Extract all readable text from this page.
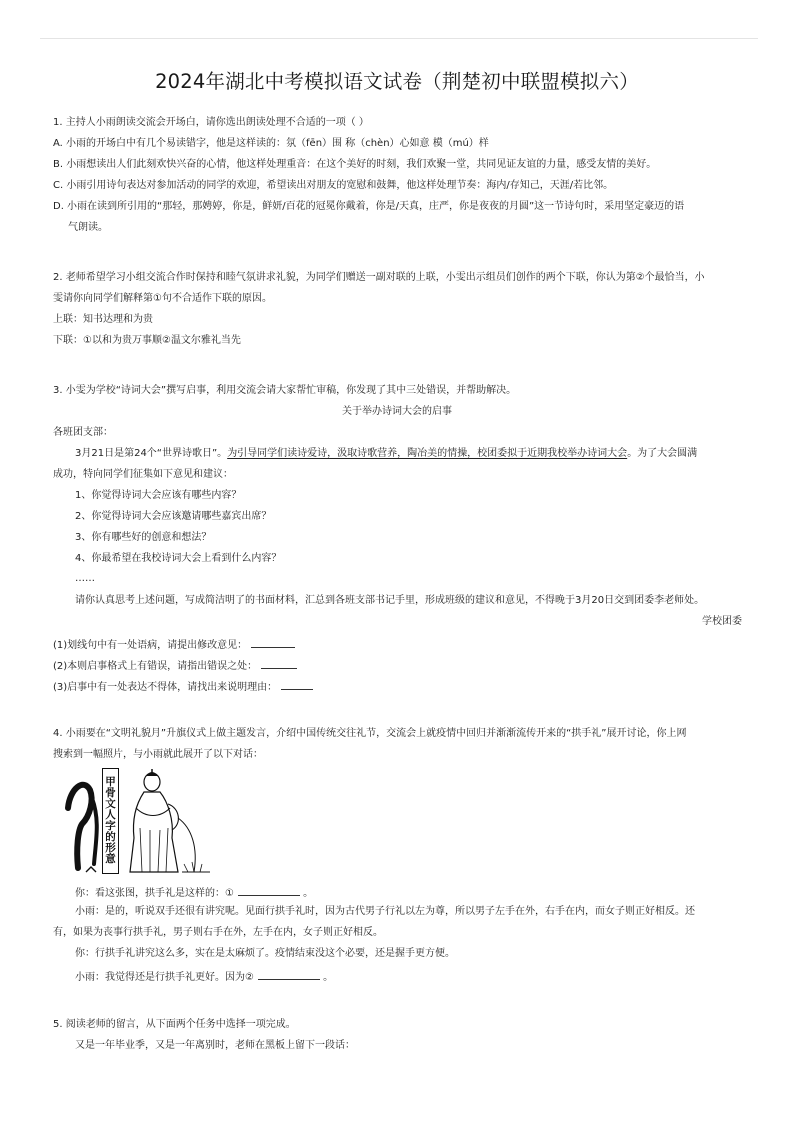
2024年湖北中考模拟语文试卷（荆楚初中联盟模拟六）
1. 主持人小雨朗读交流会开场白，请你选出朗读处理不合适的一项（ ）
A. 小雨的开场白中有几个易读错字，他是这样读的：氛（fēn）围 称（chèn）心如意 模（mú）样
B. 小雨想读出人们此刻欢快兴奋的心情，他这样处理重音：在这个美好的时刻，我们欢聚一堂，共同见证友谊的力量，感受友情的美好。
C. 小雨引用诗句表达对参加活动的同学的欢迎，希望读出对朋友的宽慰和鼓舞，他这样处理节奏：海内/存知己，天涯/若比邻。
D. 小雨在读到所引用的“那轻，那娉婷，你是，鲜妍/百花的冠冕你戴着，你是/天真，庄严，你是夜夜的月圆”这一节诗句时，采用坚定豪迈的语
气朗读。
2. 老师希望学习小组交流合作时保持和睦气氛讲求礼貌，为同学们赠送一副对联的上联，小雯出示组员们创作的两个下联，你认为第②个最恰当，小
雯请你向同学们解释第①句不合适作下联的原因。
上联：知书达理和为贵
下联：①以和为贵万事顺②温文尔雅礼当先
3. 小雯为学校“诗词大会”撰写启事，利用交流会请大家帮忙审稿，你发现了其中三处错误，并帮助解决。
关于举办诗词大会的启事
各班团支部：
3月21日是第24个“世界诗歌日”。为引导同学们读诗爱诗，汲取诗歌营养，陶冶美的情操，校团委拟于近期我校举办诗词大会。为了大会圆满
成功，特向同学们征集如下意见和建议：
1、你觉得诗词大会应该有哪些内容？
2、你觉得诗词大会应该邀请哪些嘉宾出席？
3、你有哪些好的创意和想法？
4、你最希望在我校诗词大会上看到什么内容？
……
请你认真思考上述问题，写成简洁明了的书面材料，汇总到各班支部书记手里，形成班级的建议和意见，不得晚于3月20日交到团委李老师处。
学校团委
(1)划线句中有一处语病，请提出修改意见：
(2)本则启事格式上有错误，请指出错误之处：
(3)启事中有一处表达不得体，请找出来说明理由：
4. 小雨要在“文明礼貌月”升旗仪式上做主题发言，介绍中国传统交往礼节，交流会上就疫情中回归并渐渐流传开来的“拱手礼”展开讨论，你上网
搜索到一幅照片，与小雨就此展开了以下对话：
甲
骨
文
人
字
的
形
意
你：看这张图，拱手礼是这样的：①	。
小雨：是的，听说双手还很有讲究呢。见面行拱手礼时，因为古代男子行礼以左为尊，所以男子左手在外，右手在内，而女子则正好相反。还
有，如果为丧事行拱手礼，男子则右手在外，左手在内，女子则正好相反。
你：行拱手礼讲究这么多，实在是太麻烦了。疫情结束没这个必要，还是握手更方便。
小雨：我觉得还是行拱手礼更好。因为②	。
5. 阅读老师的留言，从下面两个任务中选择一项完成。
又是一年毕业季，又是一年离别时，老师在黑板上留下一段话：
